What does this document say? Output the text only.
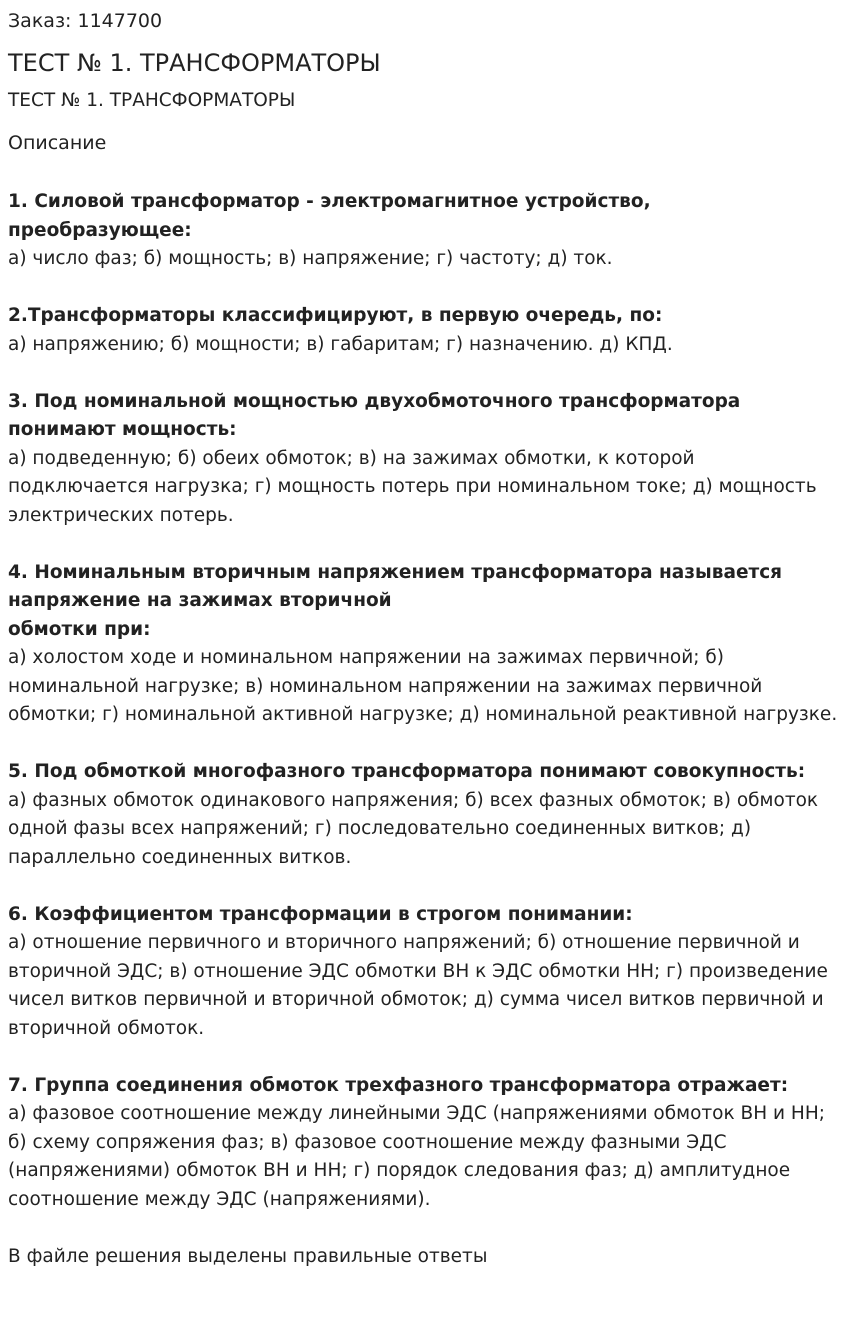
Заказ: 1147700

ТЕСТ № 1. ТРАНСФОРМАТОРЫ

ТЕСТ № 1. ТРАНСФОРМАТОРЫ

Описание

1. Силовой трансформатор - электромагнитное устройство, преобразующее:
а) число фаз; б) мощность; в) напряжение; г) частоту; д) ток.
2.Трансформаторы классифицируют, в первую очередь, по:
а) напряжению; б) мощности; в) габаритам; г) назначению. д) КПД.
3. Под номинальной мощностью двухобмоточного трансформатора понимают мощность:
а) подведенную; б) обеих обмоток; в) на зажимах обмотки, к которой подключается нагрузка; г) мощность потерь при номинальном токе; д) мощность электрических потерь.
4. Номинальным вторичным напряжением трансформатора называется напряжение на зажимах вторичной
обмотки при:
а) холостом ходе и номинальном напряжении на зажимах первичной; б) номинальной нагрузке; в) номинальном напряжении на зажимах первичной обмотки; г) номинальной активной нагрузке; д) номинальной реактивной нагрузке.
5. Под обмоткой многофазного трансформатора понимают совокупность:
а) фазных обмоток одинакового напряжения; б) всех фазных обмоток; в) обмоток одной фазы всех напряжений; г) последовательно соединенных витков; д) параллельно соединенных витков.
6. Коэффициентом трансформации в строгом понимании:
а) отношение первичного и вторичного напряжений; б) отношение первичной и вторичной ЭДС; в) отношение ЭДС обмотки ВН к ЭДС обмотки НН; г) произведение чисел витков первичной и вторичной обмоток; д) сумма чисел витков первичной и вторичной обмоток.
7. Группа соединения обмоток трехфазного трансформатора отражает:
а) фазовое соотношение между линейными ЭДС (напряжениями обмоток ВН и НН; б) схему сопряжения фаз; в) фазовое соотношение между фазными ЭДС (напряжениями) обмоток ВН и НН; г) порядок следования фаз; д) амплитудное соотношение между ЭДС (напряжениями).

В файле решения выделены правильные ответы
